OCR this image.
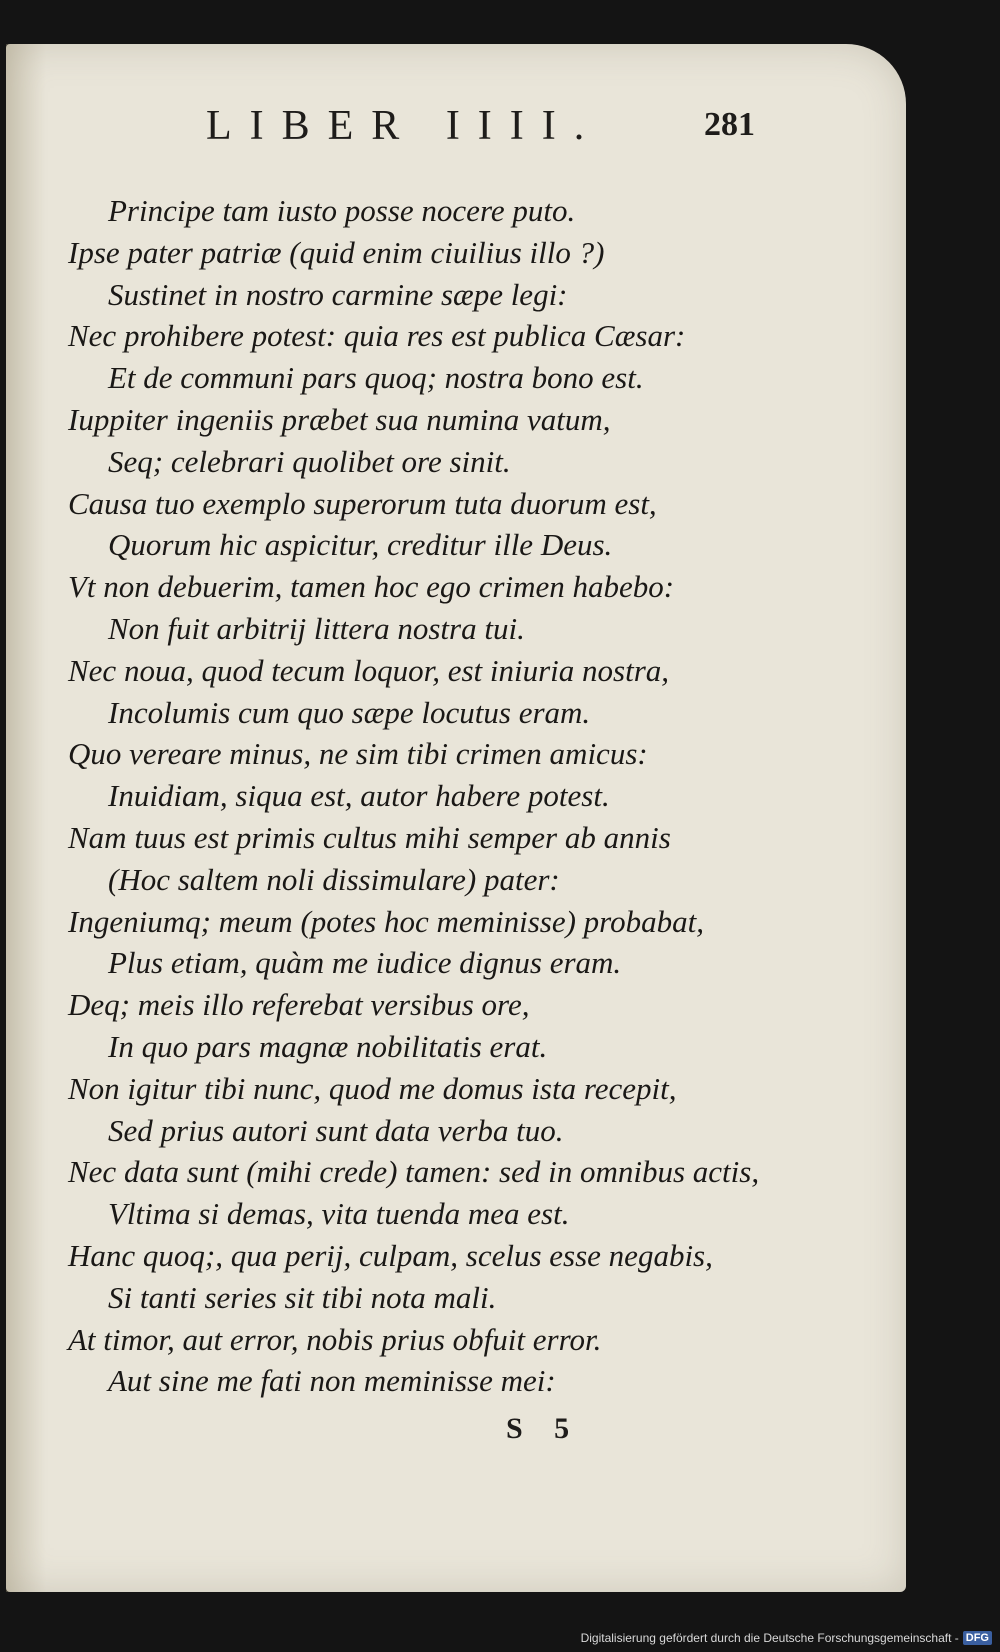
LIBER IIII.	281
Principe tam iusto posse nocere puto.
Ipse pater patriæ (quid enim ciuilius illo ?)
Sustinet in nostro carmine sæpe legi:
Nec prohibere potest: quia res est publica Cæsar:
Et de communi pars quoq; nostra bono est.
Iuppiter ingeniis præbet sua numina vatum,
Seq; celebrari quolibet ore sinit.
Causa tuo exemplo superorum tuta duorum est,
Quorum hic aspicitur, creditur ille Deus.
Vt non debuerim, tamen hoc ego crimen habebo:
Non fuit arbitrij littera nostra tui.
Nec noua, quod tecum loquor, est iniuria nostra,
Incolumis cum quo sæpe locutus eram.
Quo vereare minus, ne sim tibi crimen amicus:
Inuidiam, siqua est, autor habere potest.
Nam tuus est primis cultus mihi semper ab annis
(Hoc saltem noli dissimulare) pater:
Ingeniumq; meum (potes hoc meminisse) probabat,
Plus etiam, quàm me iudice dignus eram.
Deq; meis illo referebat versibus ore,
In quo pars magnæ nobilitatis erat.
Non igitur tibi nunc, quod me domus ista recepit,
Sed prius autori sunt data verba tuo.
Nec data sunt (mihi crede) tamen: sed in omnibus actis,
Vltima si demas, vita tuenda mea est.
Hanc quoq;, qua perij, culpam, scelus esse negabis,
Si tanti series sit tibi nota mali.
At timor, aut error, nobis prius obfuit error.
Aut sine me fati non meminisse mei:
S 5
Digitalisierung gefördert durch die Deutsche Forschungsgemeinschaft - DFG
